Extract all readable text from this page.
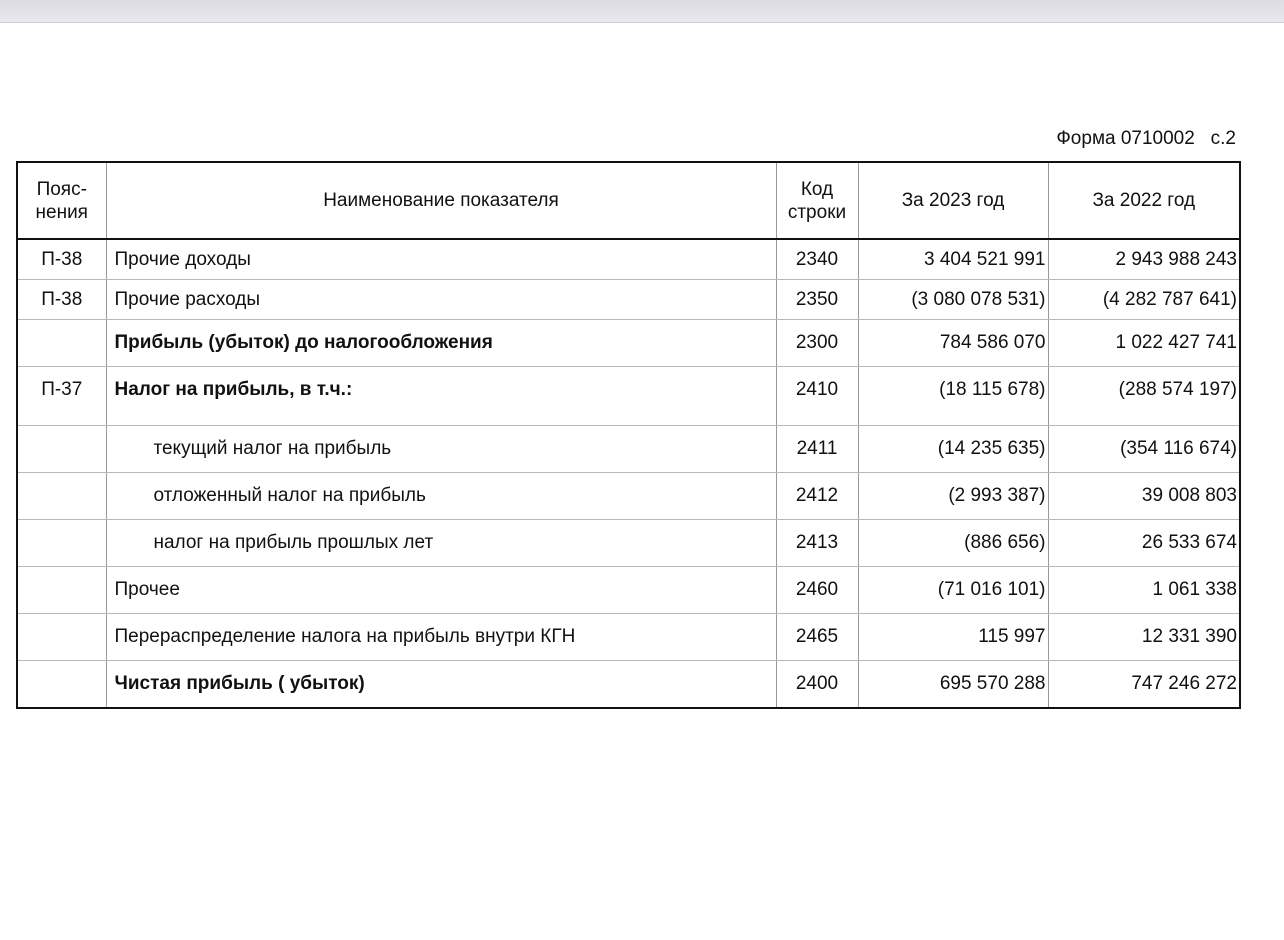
Форма 0710002   с.2
Пояс-нения	Наименование показателя	Код строки	За 2023 год	За 2022 год
П-38	Прочие доходы	2340	3 404 521 991	2 943 988 243
П-38	Прочие расходы	2350	(3 080 078 531)	(4 282 787 641)
	Прибыль (убыток) до налогообложения	2300	784 586 070	1 022 427 741
П-37	Налог на прибыль, в т.ч.:	2410	(18 115 678)	(288 574 197)
	текущий налог на прибыль	2411	(14 235 635)	(354 116 674)
	отложенный налог на прибыль	2412	(2 993 387)	39 008 803
	налог на прибыль прошлых лет	2413	(886 656)	26 533 674
	Прочее	2460	(71 016 101)	1 061 338
	Перераспределение налога на прибыль внутри КГН	2465	115 997	12 331 390
	Чистая прибыль ( убыток)	2400	695 570 288	747 246 272
